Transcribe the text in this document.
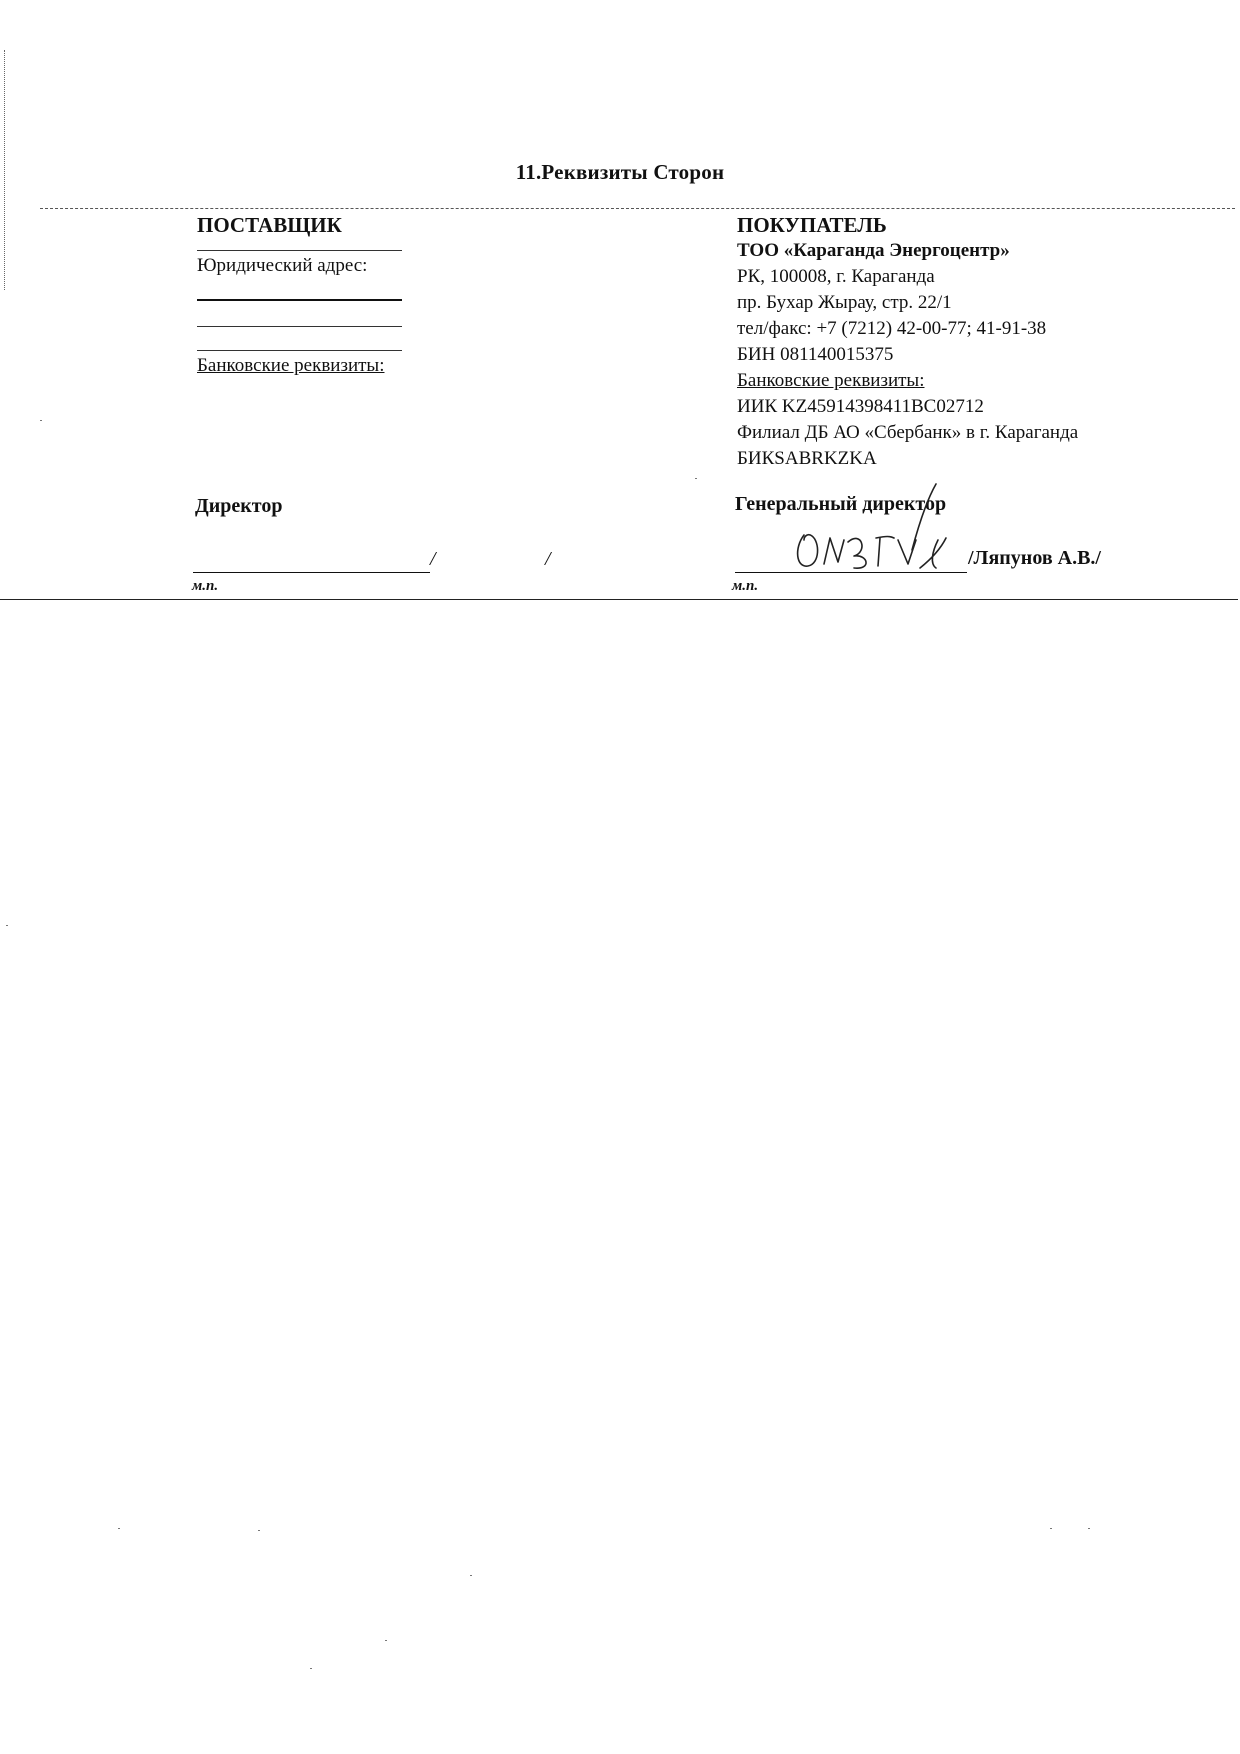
11.Реквизиты Сторон
ПОСТАВЩИК
Юридический адрес:
Банковские реквизиты:
Директор
/	/
м.п.
ПОКУПАТЕЛЬ
ТОО «Караганда Энергоцентр»
РК, 100008, г. Караганда
пр. Бухар Жырау, стр. 22/1
тел/факс: +7 (7212) 42-00-77; 41-91-38
БИН 081140015375
Банковские реквизиты:
ИИК KZ45914398411BC02712
Филиал ДБ АО «Сбербанк» в г. Караганда
БИКSABRKZKA
Генеральный директор
/Ляпунов А.В./
м.п.
